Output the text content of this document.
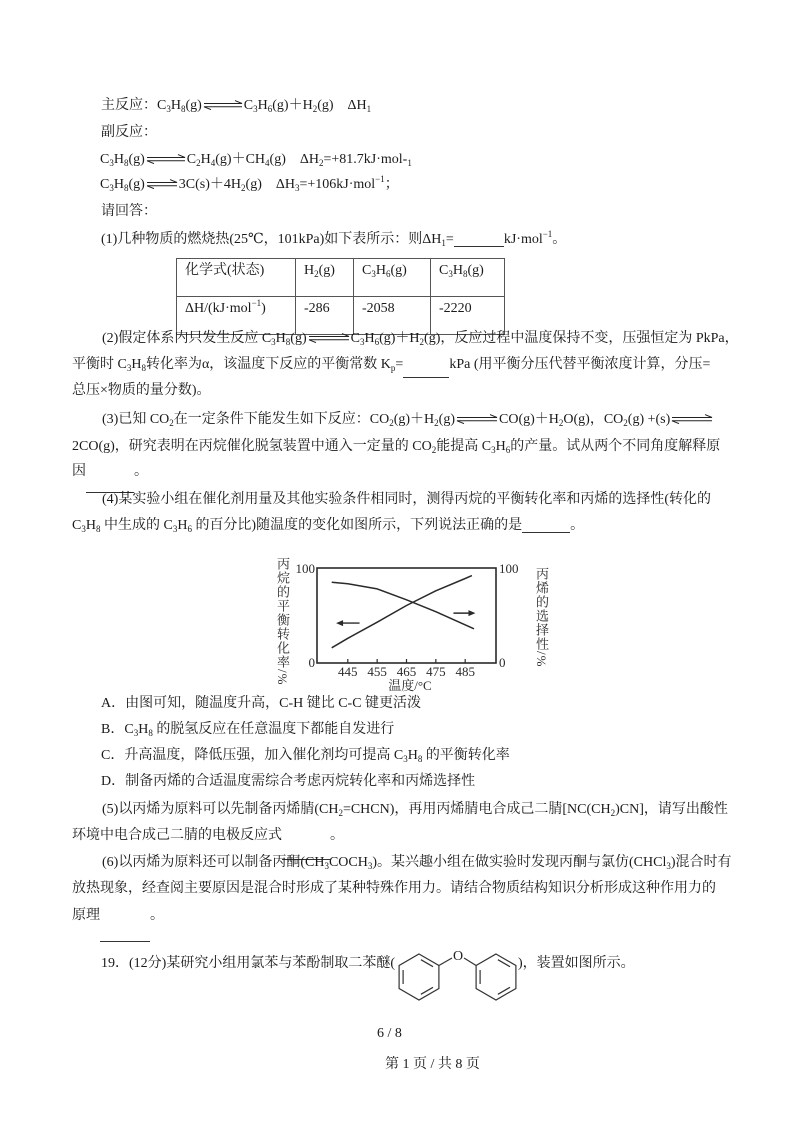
主反应：$C_3H_8(g)\rightleftharpoons C_3H_6(g)+H_2(g)$ $\Delta H_1$
副反应：
$C_3H_8(g)\rightleftharpoons C_2H_4(g)+CH_4(g)$ $\Delta H_2=+81.7kJ\cdot mol-_1$
$C_3H_8(g)\rightleftharpoons 3C(s)+4H_2(g)$ $\Delta H_3=+106kJ\cdot mol^{-1}$；
请回答：
(1)几种物质的燃烧热(25℃，101kPa)如下表所示：则$\Delta H_1=$	kJ·mol$^{-1}$。
化学式(状态)	$H_2(g)$	$C_3H_6(g)$	$C_3H_8(g)$
ΔH/(kJ·mol$^{-1}$)	-286	-2058	-2220
(2)假定体系内只发生反应 $C_3H_8(g)\rightleftharpoons C_3H_6(g)+H_2(g)$，反应过程中温度保持不变，压强恒定为 PkPa，
平衡时 $C_3H_8$转化率为α，该温度下反应的平衡常数 $K_p=$	kPa (用平衡分压代替平衡浓度计算，分压=
总压×物质的量分数)。
(3)已知 $CO_2$在一定条件下能发生如下反应：$CO_2(g)+H_2(g)\rightleftharpoons CO(g)+H_2O(g)$，$CO_2(g)$ +(s)⇌
2CO(g)，研究表明在丙烷催化脱氢装置中通入一定量的 $CO_2$能提高 $C_3H_6$的产量。试从两个不同角度解释原
因	。
(4)某实验小组在催化剂用量及其他实验条件相同时，测得丙烷的平衡转化率和丙烯的选择性(转化的
$C_3H_8$ 中生成的 $C_3H_6$ 的百分比)随温度的变化如图所示，下列说法正确的是	。
丙烷的平衡转化率/%	丙烯的选择性/%
100
0
100
0
445 455 465 475 485
温度/°C
A．由图可知，随温度升高，C-H 键比 C-C 键更活泼
B．$C_3H_8$ 的脱氢反应在任意温度下都能自发进行
C．升高温度，降低压强，加入催化剂均可提高 $C_3H_8$ 的平衡转化率
D．制备丙烯的合适温度需综合考虑丙烷转化率和丙烯选择性
(5)以丙烯为原料可以先制备丙烯腈$(CH_2=CHCN)$，再用丙烯腈电合成己二腈$[NC(CH_2)CN]$，请写出酸性
环境中电合成己二腈的电极反应式	。
(6)以丙烯为原料还可以制备丙酮$(CH_3COCH_3)$。某兴趣小组在做实验时发现丙酮与氯仿(CHCl$_3$)混合时有
放热现象，经查阅主要原因是混合时形成了某种特殊作用力。请结合物质结构知识分析形成这种作用力的
原理	。
19．(12分)某研究小组用氯苯与苯酚制取二苯醚(	O	)，装置如图所示。
6 / 8
第 1 页 / 共 8 页
